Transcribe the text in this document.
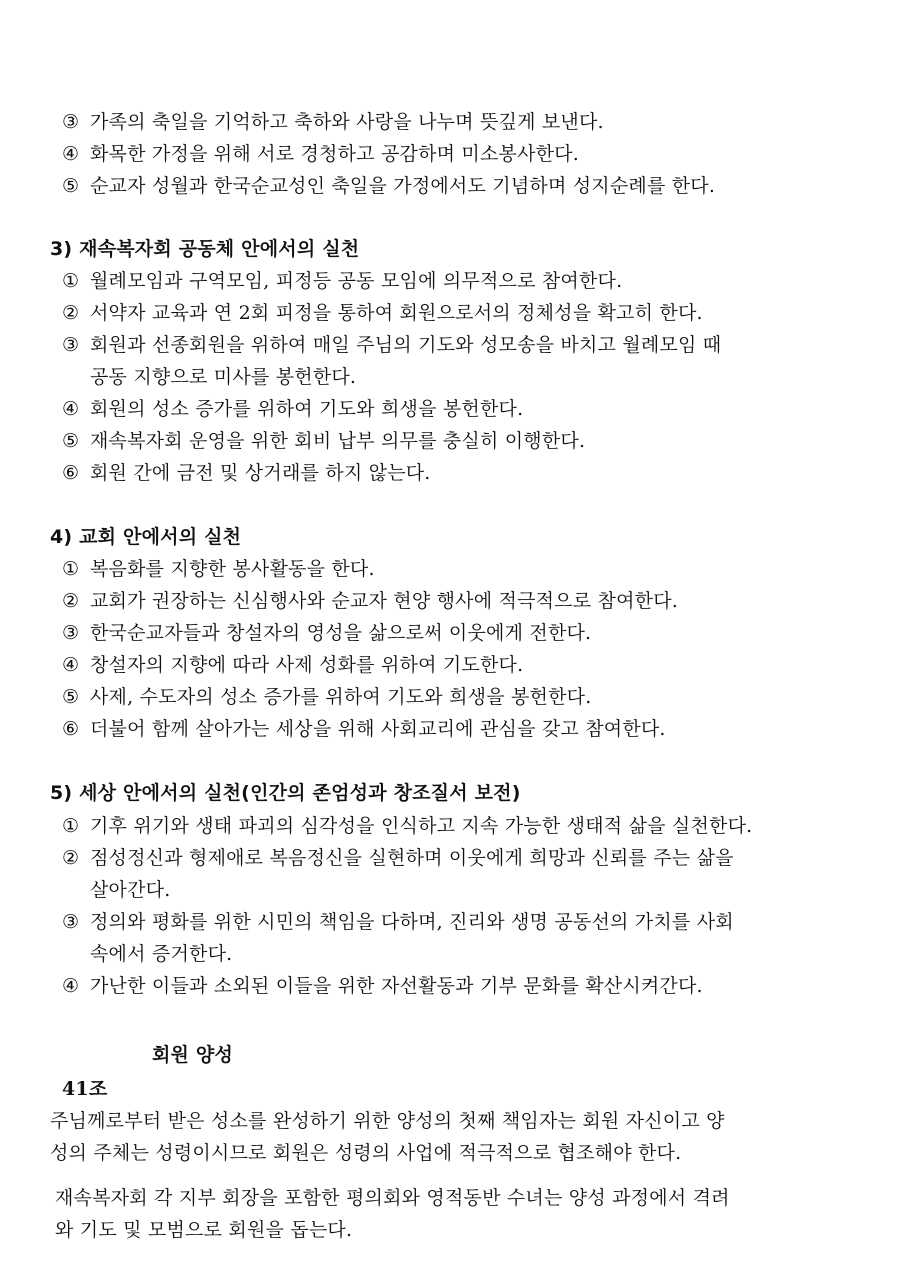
③ 가족의 축일을 기억하고 축하와 사랑을 나누며 뜻깊게 보낸다.
④ 화목한 가정을 위해 서로 경청하고 공감하며 미소봉사한다.
⑤ 순교자 성월과 한국순교성인 축일을 가정에서도 기념하며 성지순례를 한다.
3) 재속복자회 공동체 안에서의 실천
① 월례모임과 구역모임, 피정등 공동 모임에 의무적으로 참여한다.
② 서약자 교육과 연 2회 피정을 통하여 회원으로서의 정체성을 확고히 한다.
③ 회원과 선종회원을 위하여 매일 주님의 기도와 성모송을 바치고 월례모임 때
공동 지향으로 미사를 봉헌한다.
④ 회원의 성소 증가를 위하여 기도와 희생을 봉헌한다.
⑤ 재속복자회 운영을 위한 회비 납부 의무를 충실히 이행한다.
⑥ 회원 간에 금전 및 상거래를 하지 않는다.
4) 교회 안에서의 실천
① 복음화를 지향한 봉사활동을 한다.
② 교회가 권장하는 신심행사와 순교자 현양 행사에 적극적으로 참여한다.
③ 한국순교자들과 창설자의 영성을 삶으로써 이웃에게 전한다.
④ 창설자의 지향에 따라 사제 성화를 위하여 기도한다.
⑤ 사제, 수도자의 성소 증가를 위하여 기도와 희생을 봉헌한다.
⑥ 더불어 함께 살아가는 세상을 위해 사회교리에 관심을 갖고 참여한다.
5) 세상 안에서의 실천(인간의 존엄성과 창조질서 보전)
① 기후 위기와 생태 파괴의 심각성을 인식하고 지속 가능한 생태적 삶을 실천한다.
② 점성정신과 형제애로 복음정신을 실현하며 이웃에게 희망과 신뢰를 주는 삶을
살아간다.
③ 정의와 평화를 위한 시민의 책임을 다하며, 진리와 생명 공동선의 가치를 사회
속에서 증거한다.
④ 가난한 이들과 소외된 이들을 위한 자선활동과 기부 문화를 확산시켜간다.
회원 양성
41조
주님께로부터 받은 성소를 완성하기 위한 양성의 첫째 책임자는 회원 자신이고 양
성의 주체는 성령이시므로 회원은 성령의 사업에 적극적으로 협조해야 한다.
재속복자회 각 지부 회장을 포함한 평의회와 영적동반 수녀는 양성 과정에서 격려
와 기도 및 모범으로 회원을 돕는다.
